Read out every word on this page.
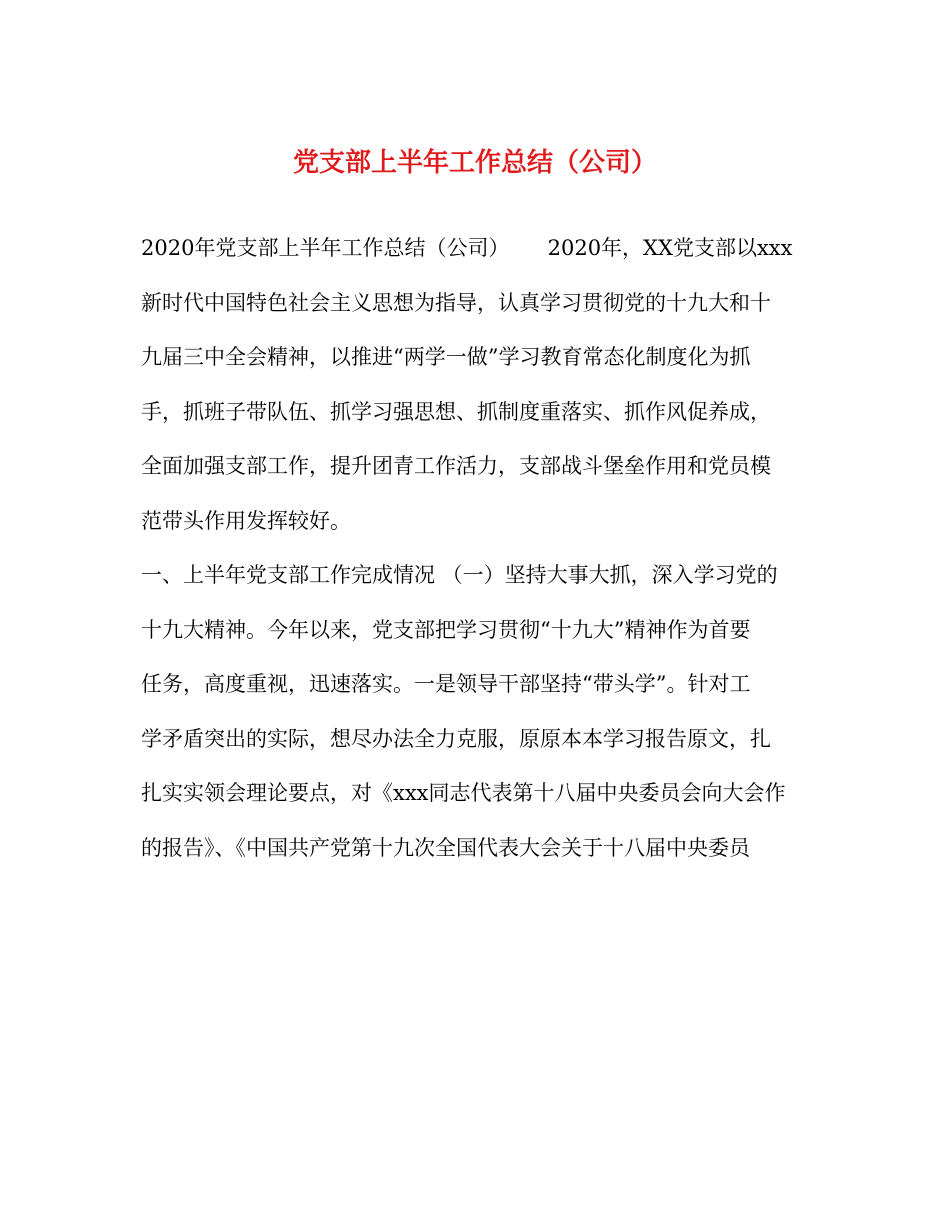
党支部上半年工作总结（公司）
2020年党支部上半年工作总结（公司）　　 2020年，XX党支部以xxx
新时代中国特色社会主义思想为指导，认真学习贯彻党的十九大和十
九届三中全会精神，以推进“两学一做”学习教育常态化制度化为抓
手，抓班子带队伍、抓学习强思想、抓制度重落实、抓作风促养成，
全面加强支部工作，提升团青工作活力，支部战斗堡垒作用和党员模
范带头作用发挥较好。
一、上半年党支部工作完成情况 （一）坚持大事大抓，深入学习党的
十九大精神。今年以来，党支部把学习贯彻“十九大”精神作为首要
任务，高度重视，迅速落实。一是领导干部坚持“带头学”。针对工
学矛盾突出的实际，想尽办法全力克服，原原本本学习报告原文，扎
扎实实领会理论要点，对《xxx同志代表第十八届中央委员会向大会作
的报告》、《中国共产党第十九次全国代表大会关于十八届中央委员
